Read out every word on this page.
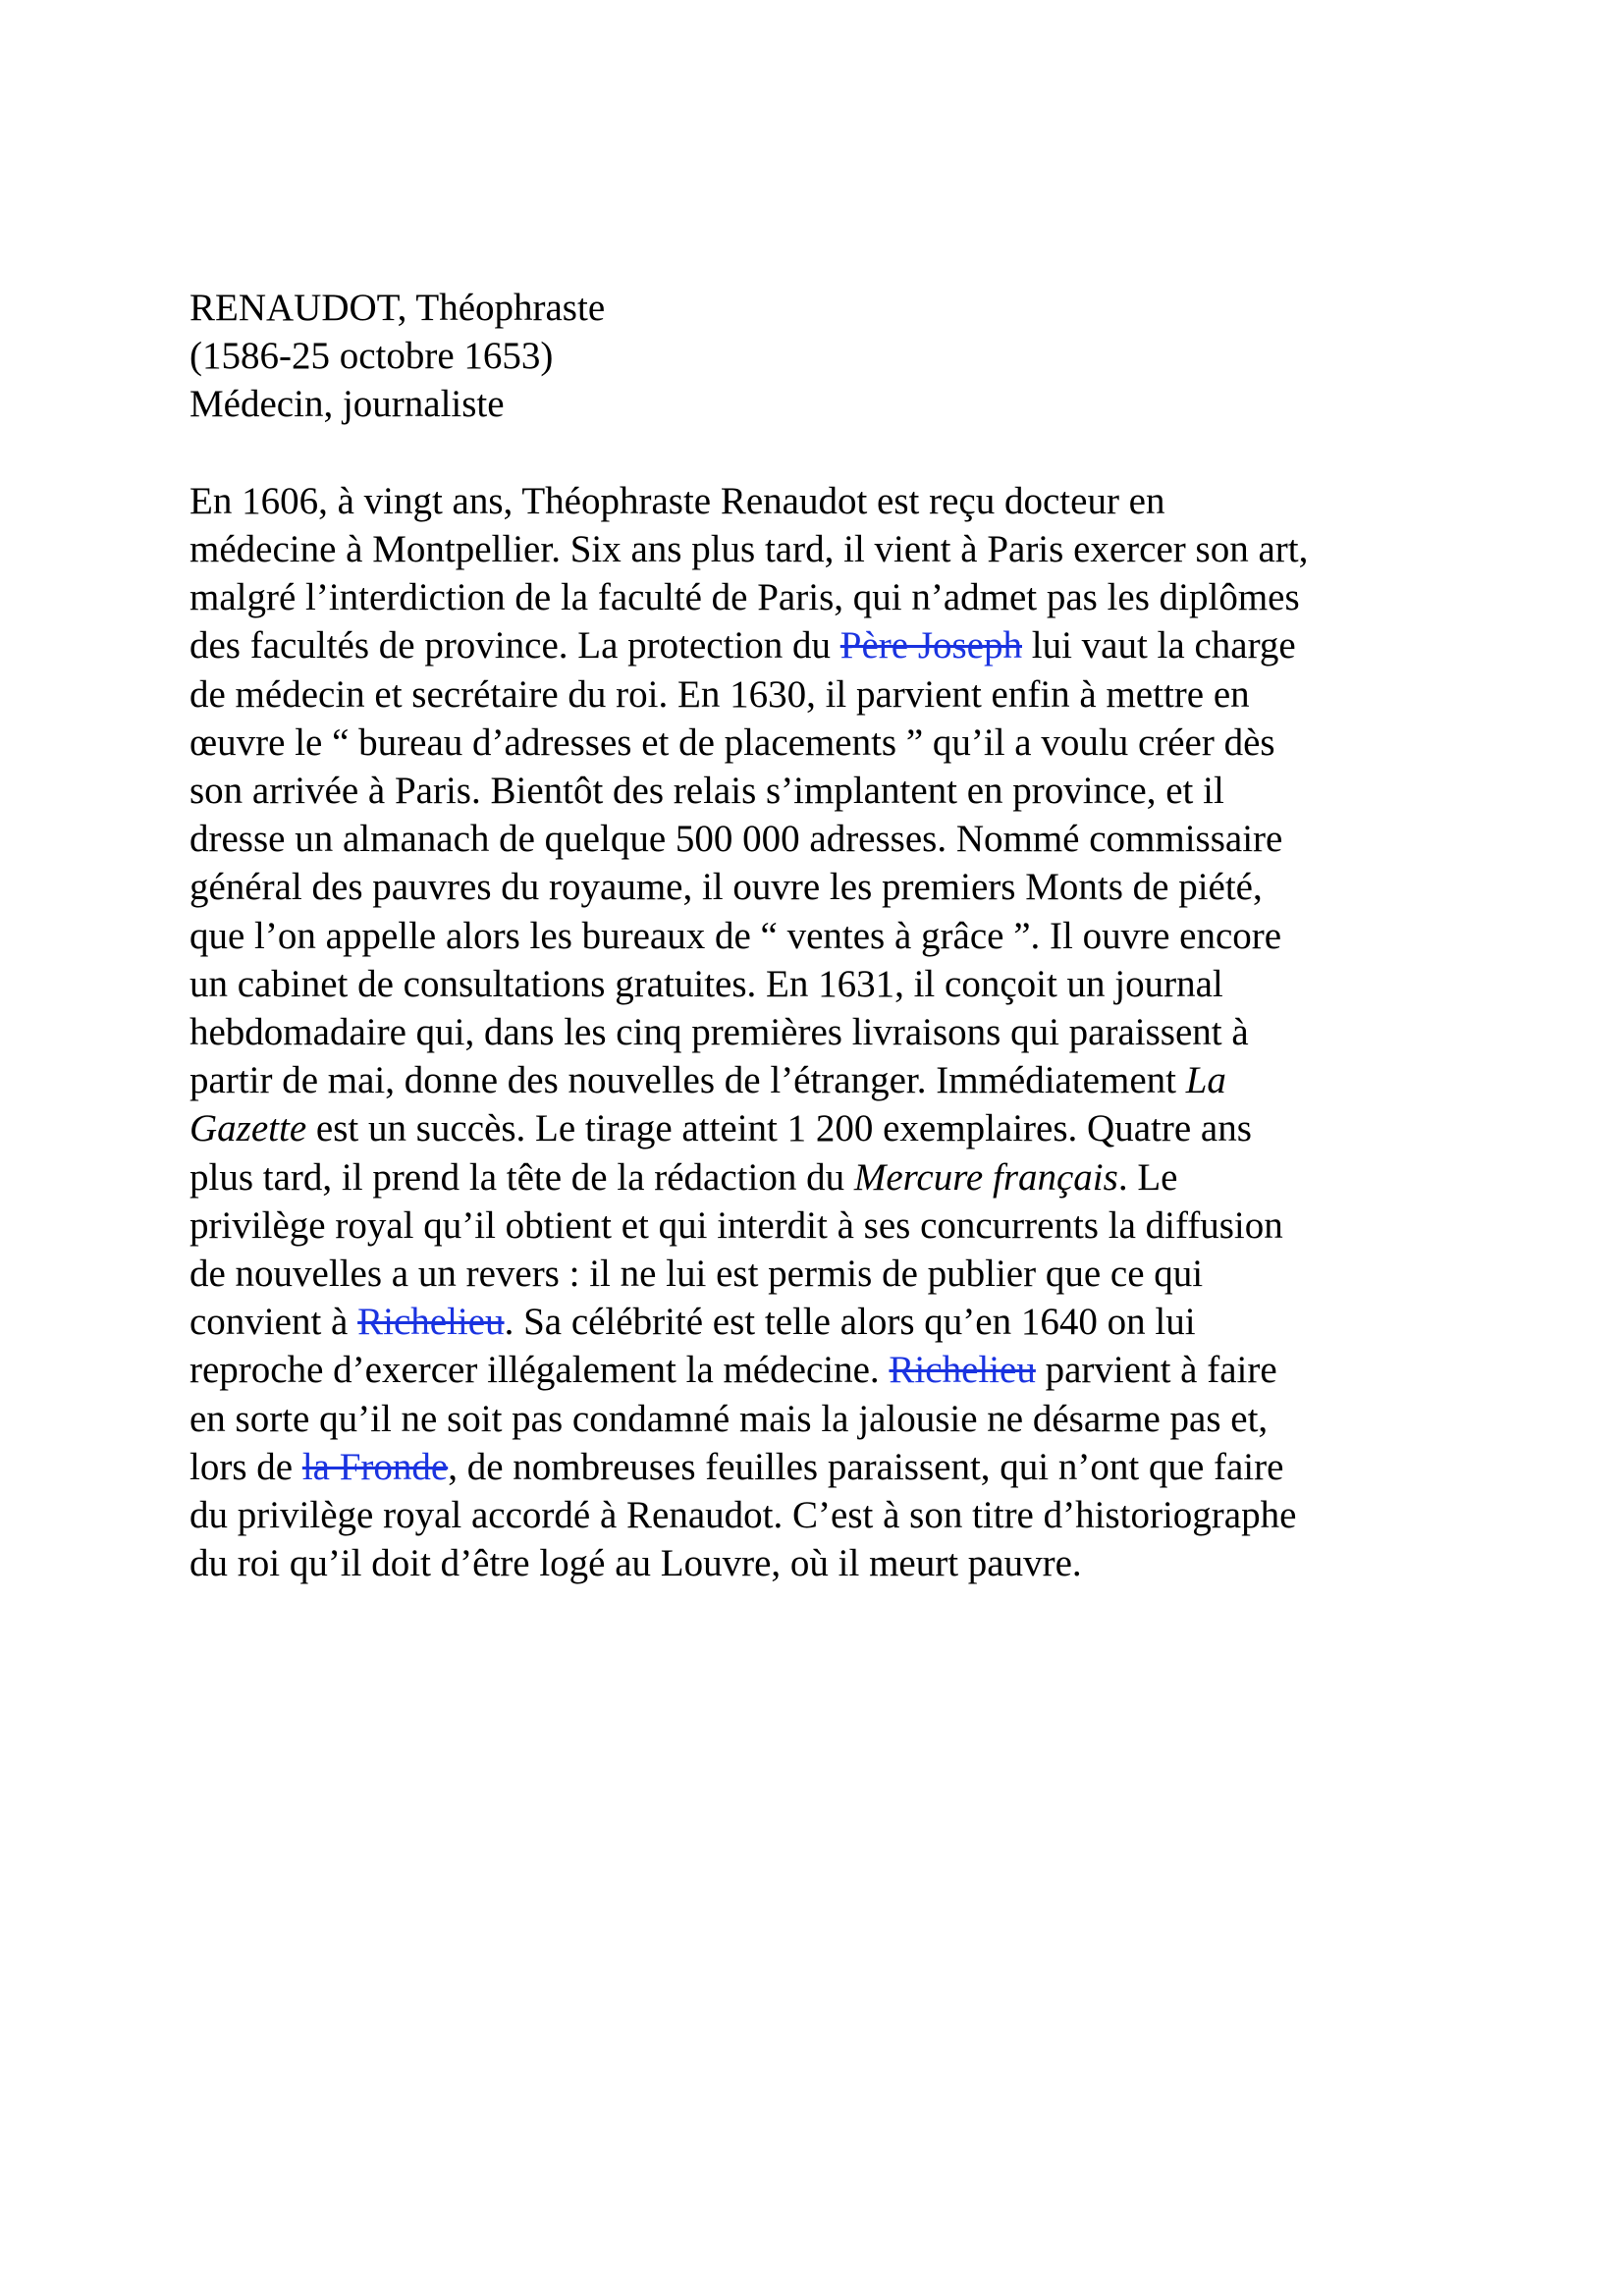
RENAUDOT, Théophraste
(1586-25 octobre 1653)
Médecin, journaliste
En 1606, à vingt ans, Théophraste Renaudot est reçu docteur en
médecine à Montpellier. Six ans plus tard, il vient à Paris exercer son art,
malgré l’interdiction de la faculté de Paris, qui n’admet pas les diplômes
des facultés de province. La protection du Père Joseph lui vaut la charge
de médecin et secrétaire du roi. En 1630, il parvient enfin à mettre en
œuvre le “ bureau d’adresses et de placements ” qu’il a voulu créer dès
son arrivée à Paris. Bientôt des relais s’implantent en province, et il
dresse un almanach de quelque 500 000 adresses. Nommé commissaire
général des pauvres du royaume, il ouvre les premiers Monts de piété,
que l’on appelle alors les bureaux de “ ventes à grâce ”. Il ouvre encore
un cabinet de consultations gratuites. En 1631, il conçoit un journal
hebdomadaire qui, dans les cinq premières livraisons qui paraissent à
partir de mai, donne des nouvelles de l’étranger. Immédiatement La
Gazette est un succès. Le tirage atteint 1 200 exemplaires. Quatre ans
plus tard, il prend la tête de la rédaction du Mercure français. Le
privilège royal qu’il obtient et qui interdit à ses concurrents la diffusion
de nouvelles a un revers : il ne lui est permis de publier que ce qui
convient à Richelieu. Sa célébrité est telle alors qu’en 1640 on lui
reproche d’exercer illégalement la médecine. Richelieu parvient à faire
en sorte qu’il ne soit pas condamné mais la jalousie ne désarme pas et,
lors de la Fronde, de nombreuses feuilles paraissent, qui n’ont que faire
du privilège royal accordé à Renaudot. C’est à son titre d’historiographe
du roi qu’il doit d’être logé au Louvre, où il meurt pauvre.
